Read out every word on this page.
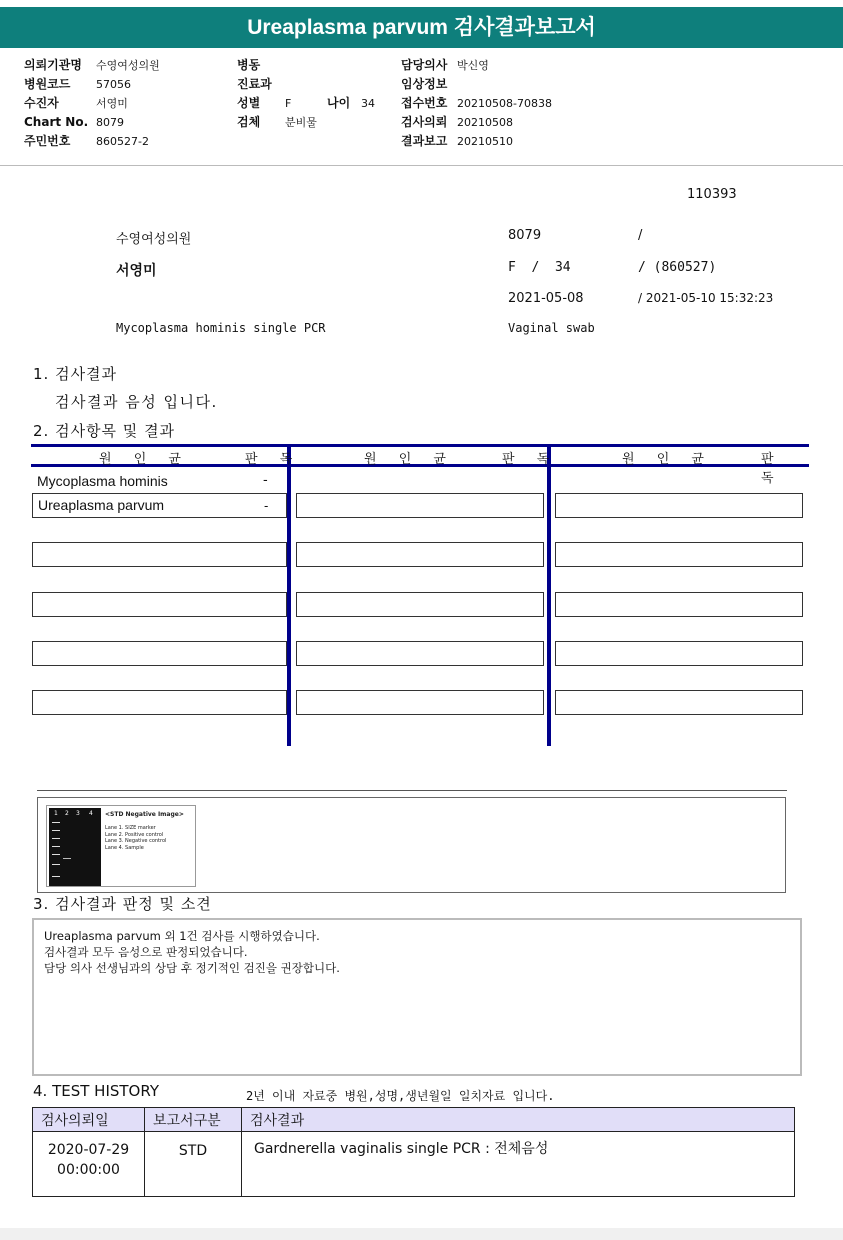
Ureaplasma parvum 검사결과보고서
의뢰기관명 수영여성의원
병원코드 57056
수진자	서영미
Chart No. 8079
주민번호 860527-2
병동
진료과
성별 F	나이 34
검체 분비물
담당의사 박신영
임상정보
접수번호 20210508-70838
검사의뢰 20210508
결과보고 20210510
110393
수영여성의원	8079	/
서영미	F  /  34	/ (860527)
2021-05-08	/ 2021-05-10 15:32:23
Mycoplasma hominis single PCR	Vaginal swab
1. 검사결과
검사결과 음성 입니다.
2. 검사항목 및 결과
원 인 균	판 독	원 인 균	판 독	원 인 균	판 독
Mycoplasma hominis	-
Ureaplasma parvum	-
1 2 3 4 <STD Negative Image>

Lane 1. SIZE marker
Lane 2. Positive control
Lane 3. Negative control
Lane 4. Sample
3. 검사결과 판정 및 소견
Ureaplasma parvum 외 1건 검사를 시행하였습니다.
검사결과 모두 음성으로 판정되었습니다.
담당 의사 선생님과의 상담 후 정기적인 검진을 권장합니다.
4. TEST HISTORY	2년 이내 자료중 병원,성명,생년월일 일치자료 입니다.
검사의뢰일	보고서구분	검사결과

2020-07-29
00:00:00	STD	Gardnerella vaginalis single PCR : 전체음성
